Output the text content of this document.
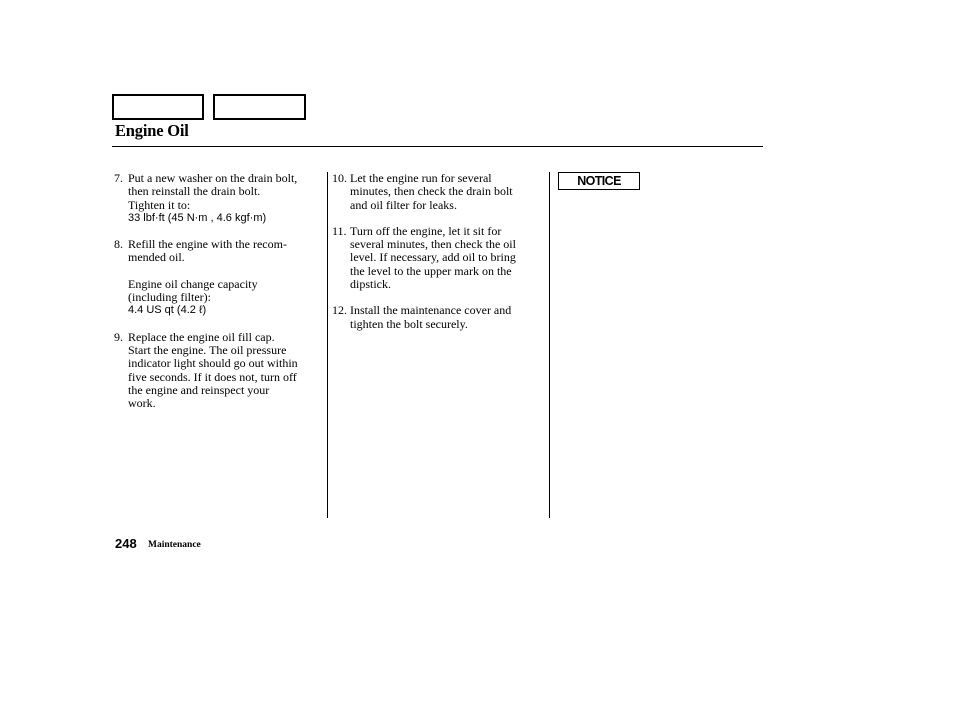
Engine Oil
7. Put a new washer on the drain bolt,

then reinstall the drain bolt.

Tighten it to:

33 lbf·ft (45 N·m , 4.6 kgf·m)

8. Refill the engine with the recom-

mended oil.

Engine oil change capacity

(including filter):

4.4 US qt (4.2 ℓ)

9. Replace the engine oil fill cap.

Start the engine. The oil pressure

indicator light should go out within

five seconds. If it does not, turn off

the engine and reinspect your

work.

10. Let the engine run for several

minutes, then check the drain bolt

and oil filter for leaks.

11. Turn off the engine, let it sit for

several minutes, then check the oil

level. If necessary, add oil to bring

the level to the upper mark on the

dipstick.

12. Install the maintenance cover and

tighten the bolt securely.

NOTICE
248 Maintenance
